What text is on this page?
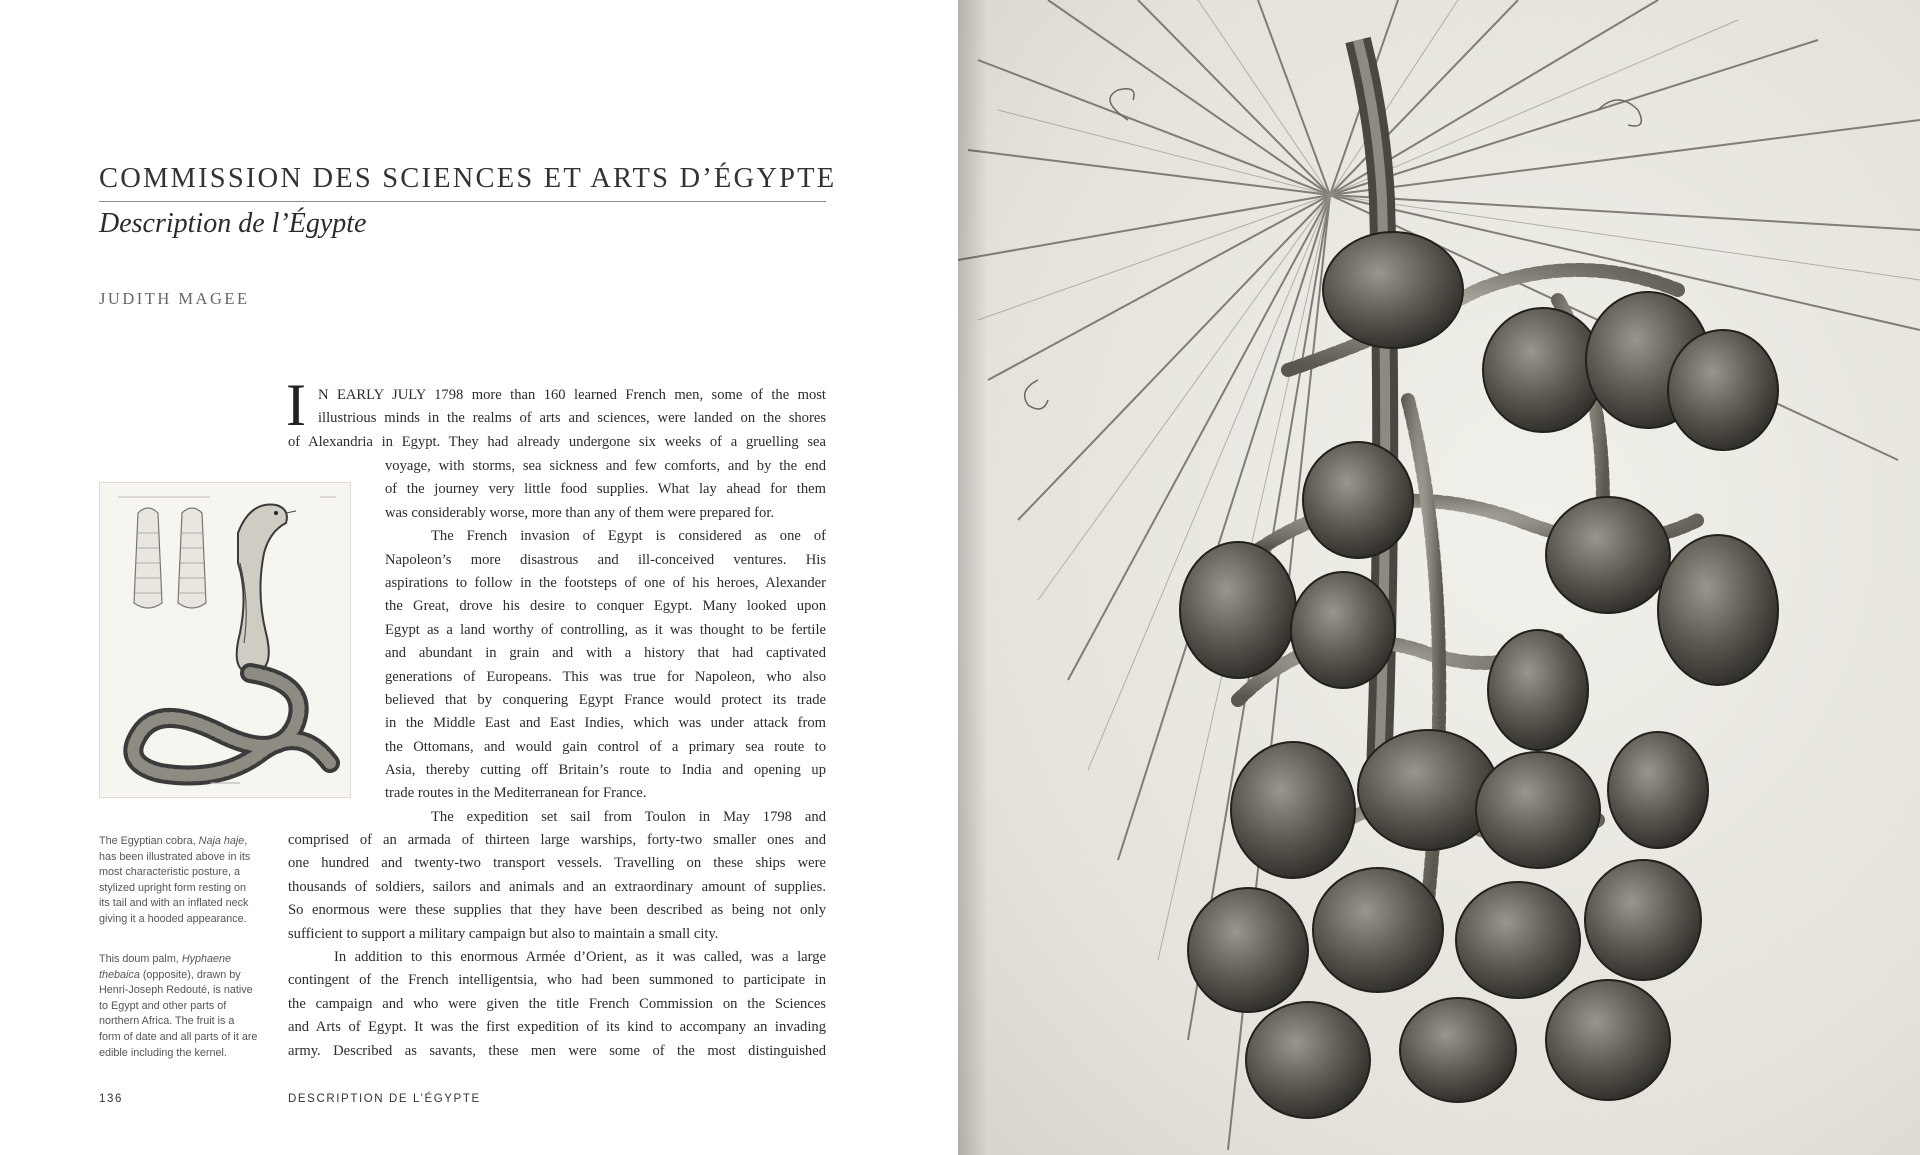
COMMISSION DES SCIENCES ET ARTS D’ÉGYPTE
Description de l’Égypte
JUDITH MAGEE
I N EARLY JULY 1798 more than 160 learned French men, some of the most
illustrious minds in the realms of arts and sciences, were landed on the shores
of Alexandria in Egypt. They had already undergone six weeks of a gruelling sea
voyage, with storms, sea sickness and few comforts, and by the end
of the journey very little food supplies. What lay ahead for them
was considerably worse, more than any of them were prepared for.
The French invasion of Egypt is considered as one of
Napoleon’s more disastrous and ill-conceived ventures. His
aspirations to follow in the footsteps of one of his heroes, Alexander
the Great, drove his desire to conquer Egypt. Many looked upon
Egypt as a land worthy of controlling, as it was thought to be fertile
and abundant in grain and with a history that had captivated
generations of Europeans. This was true for Napoleon, who also
believed that by conquering Egypt France would protect its trade
in the Middle East and East Indies, which was under attack from
the Ottomans, and would gain control of a primary sea route to
Asia, thereby cutting off Britain’s route to India and opening up
trade routes in the Mediterranean for France.
The expedition set sail from Toulon in May 1798 and
comprised of an armada of thirteen large warships, forty-two smaller ones and
one hundred and twenty-two transport vessels. Travelling on these ships were
thousands of soldiers, sailors and animals and an extraordinary amount of supplies.
So enormous were these supplies that they have been described as being not only
sufficient to support a military campaign but also to maintain a small city.
In addition to this enormous Armée d’Orient, as it was called, was a large
contingent of the French intelligentsia, who had been summoned to participate in
the campaign and who were given the title French Commission on the Sciences
and Arts of Egypt. It was the first expedition of its kind to accompany an invading
army. Described as savants, these men were some of the most distinguished
The Egyptian cobra, Naja haje, has been illustrated above in its most characteristic posture, a stylized upright form resting on its tail and with an inflated neck giving it a hooded appearance.
This doum palm, Hyphaene thebaica (opposite), drawn by Henri-Joseph Redouté, is native to Egypt and other parts of northern Africa. The fruit is a form of date and all parts of it are edible including the kernel.
136	DESCRIPTION DE L’ÉGYPTE
